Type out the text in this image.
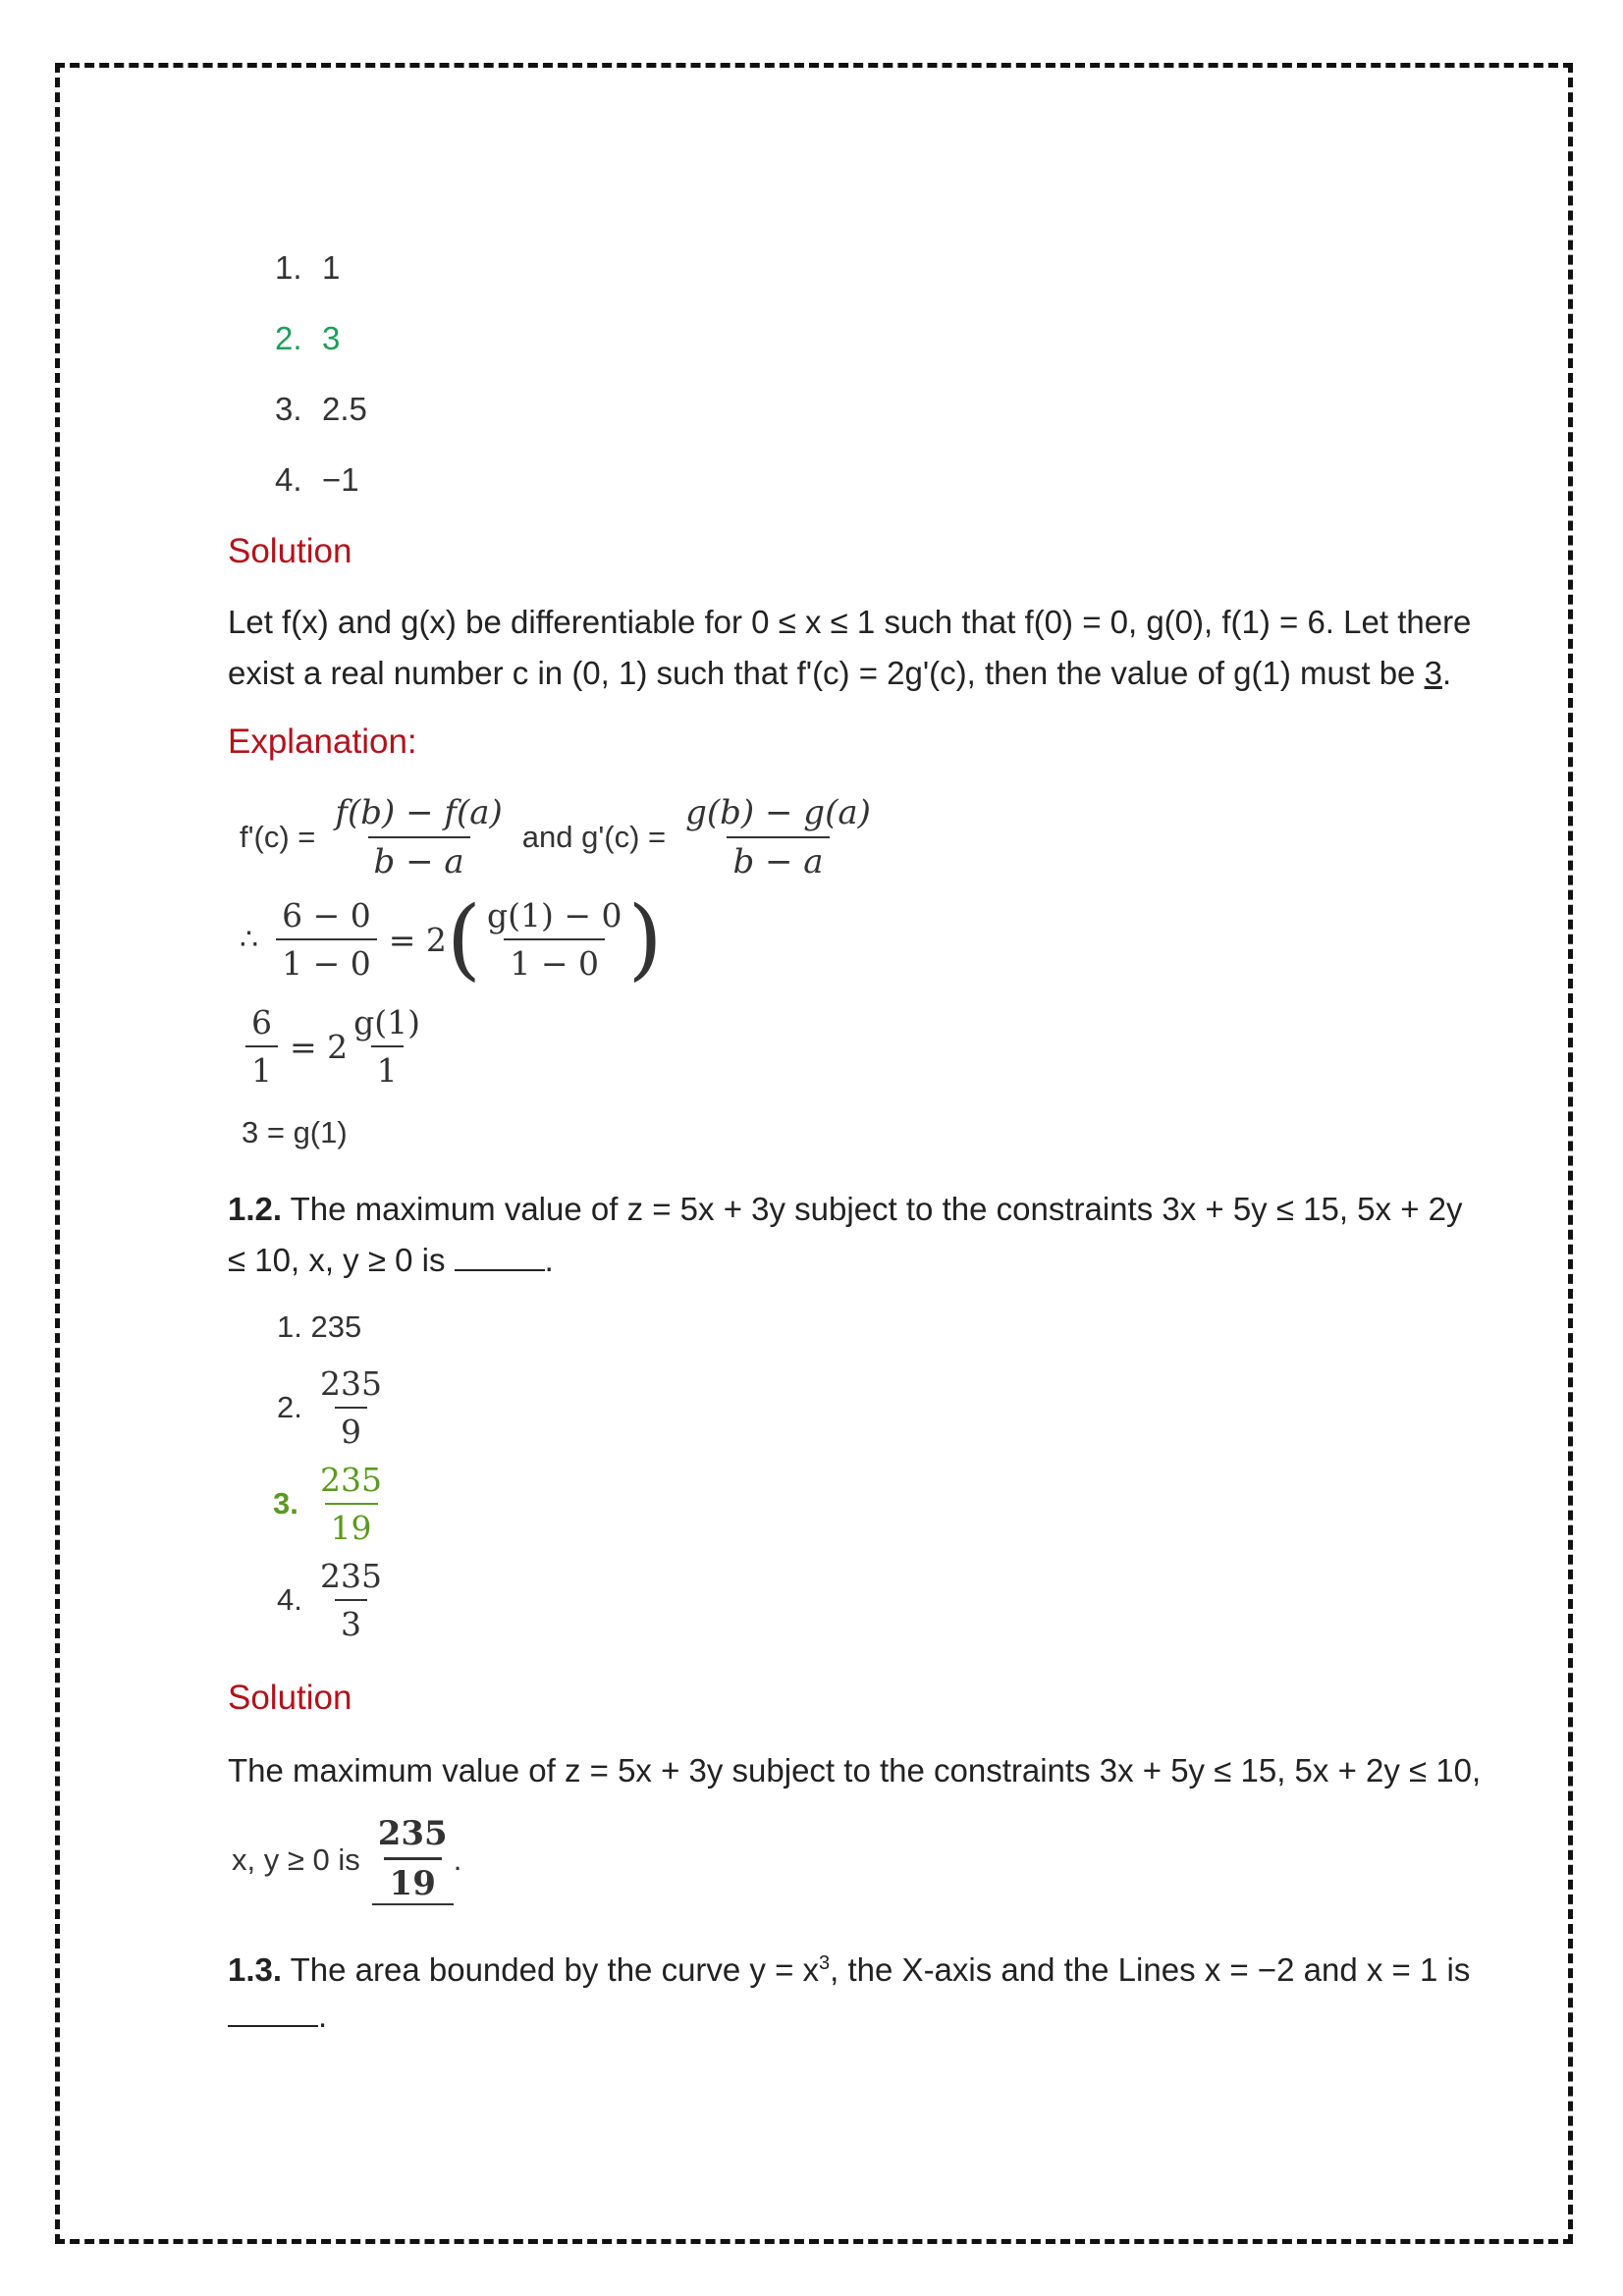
1. 1
2. 3
3. 2.5
4. −1
Solution
Let f(x) and g(x) be differentiable for 0 ≤ x ≤ 1 such that f(0) = 0, g(0), f(1) = 6. Let there
exist a real number c in (0, 1) such that f'(c) = 2g'(c), then the value of g(1) must be 3.
Explanation:
$f'(c) = \frac{f(b) - f(a)}{b - a}$ and $g'(c) = \frac{g(b) - g(a)}{b - a}$
∴ $\frac{6 - 0}{1 - 0} = 2$ ( $\frac{g(1) - 0}{1 - 0}$ )
$\frac{6}{1} = 2 \frac{g(1)}{1}$
3 = g(1)
1.2. The maximum value of z = 5x + 3y subject to the constraints 3x + 5y ≤ 15, 5x + 2y
≤ 10, x, y ≥ 0 is	.
1. 235
2. $\frac{235}{9}$
3. $\frac{235}{19}$
4. $\frac{235}{3}$
Solution
The maximum value of z = 5x + 3y subject to the constraints 3x + 5y ≤ 15, 5x + 2y ≤ 10,
x, y ≥ 0 is $\frac{235}{19}$ .
1.3. The area bounded by the curve $y = x^3$, the X-axis and the Lines x = −2 and x = 1 is
.
